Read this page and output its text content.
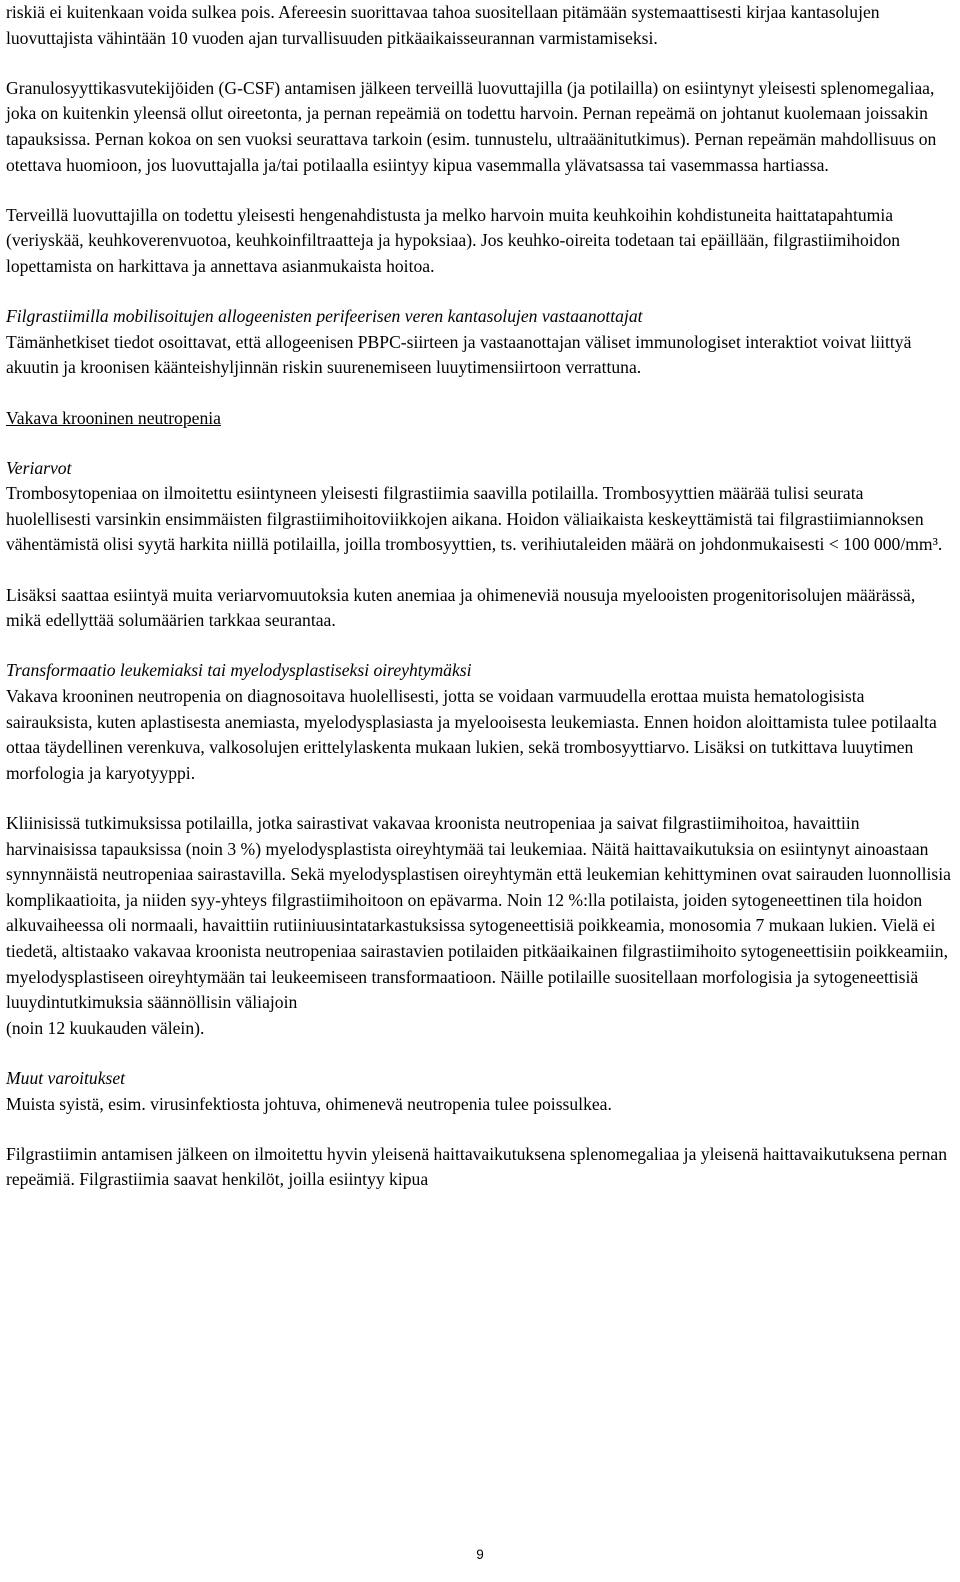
riskiä ei kuitenkaan voida sulkea pois. Afereesin suorittavaa tahoa suositellaan pitämään systemaattisesti kirjaa kantasolujen luovuttajista vähintään 10 vuoden ajan turvallisuuden pitkäaikaisseurannan varmistamiseksi.

Granulosyyttikasvutekijöiden (G-CSF) antamisen jälkeen terveillä luovuttajilla (ja potilailla) on esiintynyt yleisesti splenomegaliaa, joka on kuitenkin yleensä ollut oireetonta, ja pernan repeämiä on todettu harvoin. Pernan repeämä on johtanut kuolemaan joissakin tapauksissa. Pernan kokoa on sen vuoksi seurattava tarkoin (esim. tunnustelu, ultraäänitutkimus). Pernan repeämän mahdollisuus on otettava huomioon, jos luovuttajalla ja/tai potilaalla esiintyy kipua vasemmalla ylävatsassa tai vasemmassa hartiassa.

Terveillä luovuttajilla on todettu yleisesti hengenahdistusta ja melko harvoin muita keuhkoihin kohdistuneita haittatapahtumia (veriyskää, keuhkoverenvuotoa, keuhkoinfiltraatteja ja hypoksiaa). Jos keuhko-oireita todetaan tai epäillään, filgrastiimihoidon lopettamista on harkittava ja annettava asianmukaista hoitoa.

Filgrastiimilla mobilisoitujen allogeenisten perifeerisen veren kantasolujen vastaanottajat

Tämänhetkiset tiedot osoittavat, että allogeenisen PBPC-siirteen ja vastaanottajan väliset immunologiset interaktiot voivat liittyä akuutin ja kroonisen käänteishyljinnän riskin suurenemiseen luuytimensiirtoon verrattuna.

Vakava krooninen neutropenia

Veriarvot

Trombosytopeniaa on ilmoitettu esiintyneen yleisesti filgrastiimia saavilla potilailla. Trombosyyttien määrää tulisi seurata huolellisesti varsinkin ensimmäisten filgrastiimihoitoviikkojen aikana. Hoidon väliaikaista keskeyttämistä tai filgrastiimiannoksen vähentämistä olisi syytä harkita niillä potilailla, joilla trombosyyttien, ts. verihiutaleiden määrä on johdonmukaisesti < 100 000/mm³.

Lisäksi saattaa esiintyä muita veriarvomuutoksia kuten anemiaa ja ohimeneviä nousuja myelooisten progenitorisolujen määrässä, mikä edellyttää solumäärien tarkkaa seurantaa.

Transformaatio leukemiaksi tai myelodysplastiseksi oireyhtymäksi

Vakava krooninen neutropenia on diagnosoitava huolellisesti, jotta se voidaan varmuudella erottaa muista hematologisista sairauksista, kuten aplastisesta anemiasta, myelodysplasiasta ja myelooisesta leukemiasta. Ennen hoidon aloittamista tulee potilaalta ottaa täydellinen verenkuva, valkosolujen erittelylaskenta mukaan lukien, sekä trombosyyttiarvo. Lisäksi on tutkittava luuytimen morfologia ja karyotyyppi.

Kliinisissä tutkimuksissa potilailla, jotka sairastivat vakavaa kroonista neutropeniaa ja saivat filgrastiimihoitoa, havaittiin harvinaisissa tapauksissa (noin 3 %) myelodysplastista oireyhtymää tai leukemiaa. Näitä haittavaikutuksia on esiintynyt ainoastaan synnynnäistä neutropeniaa sairastavilla. Sekä myelodysplastisen oireyhtymän että leukemian kehittyminen ovat sairauden luonnollisia komplikaatioita, ja niiden syy-yhteys filgrastiimihoitoon on epävarma. Noin 12 %:lla potilaista, joiden sytogeneettinen tila hoidon alkuvaiheessa oli normaali, havaittiin rutiiniuusintatarkastuksissa sytogeneettisiä poikkeamia, monosomia 7 mukaan lukien. Vielä ei tiedetä, altistaako vakavaa kroonista neutropeniaa sairastavien potilaiden pitkäaikainen filgrastiimihoito sytogeneettisiin poikkeamiin, myelodysplastiseen oireyhtymään tai leukeemiseen transformaatioon. Näille potilaille suositellaan morfologisia ja sytogeneettisiä luuydintutkimuksia säännöllisin väliajoin
(noin 12 kuukauden välein).

Muut varoitukset

Muista syistä, esim. virusinfektiosta johtuva, ohimenevä neutropenia tulee poissulkea.

Filgrastiimin antamisen jälkeen on ilmoitettu hyvin yleisenä haittavaikutuksena splenomegaliaa ja yleisenä haittavaikutuksena pernan repeämiä. Filgrastiimia saavat henkilöt, joilla esiintyy kipua

9
